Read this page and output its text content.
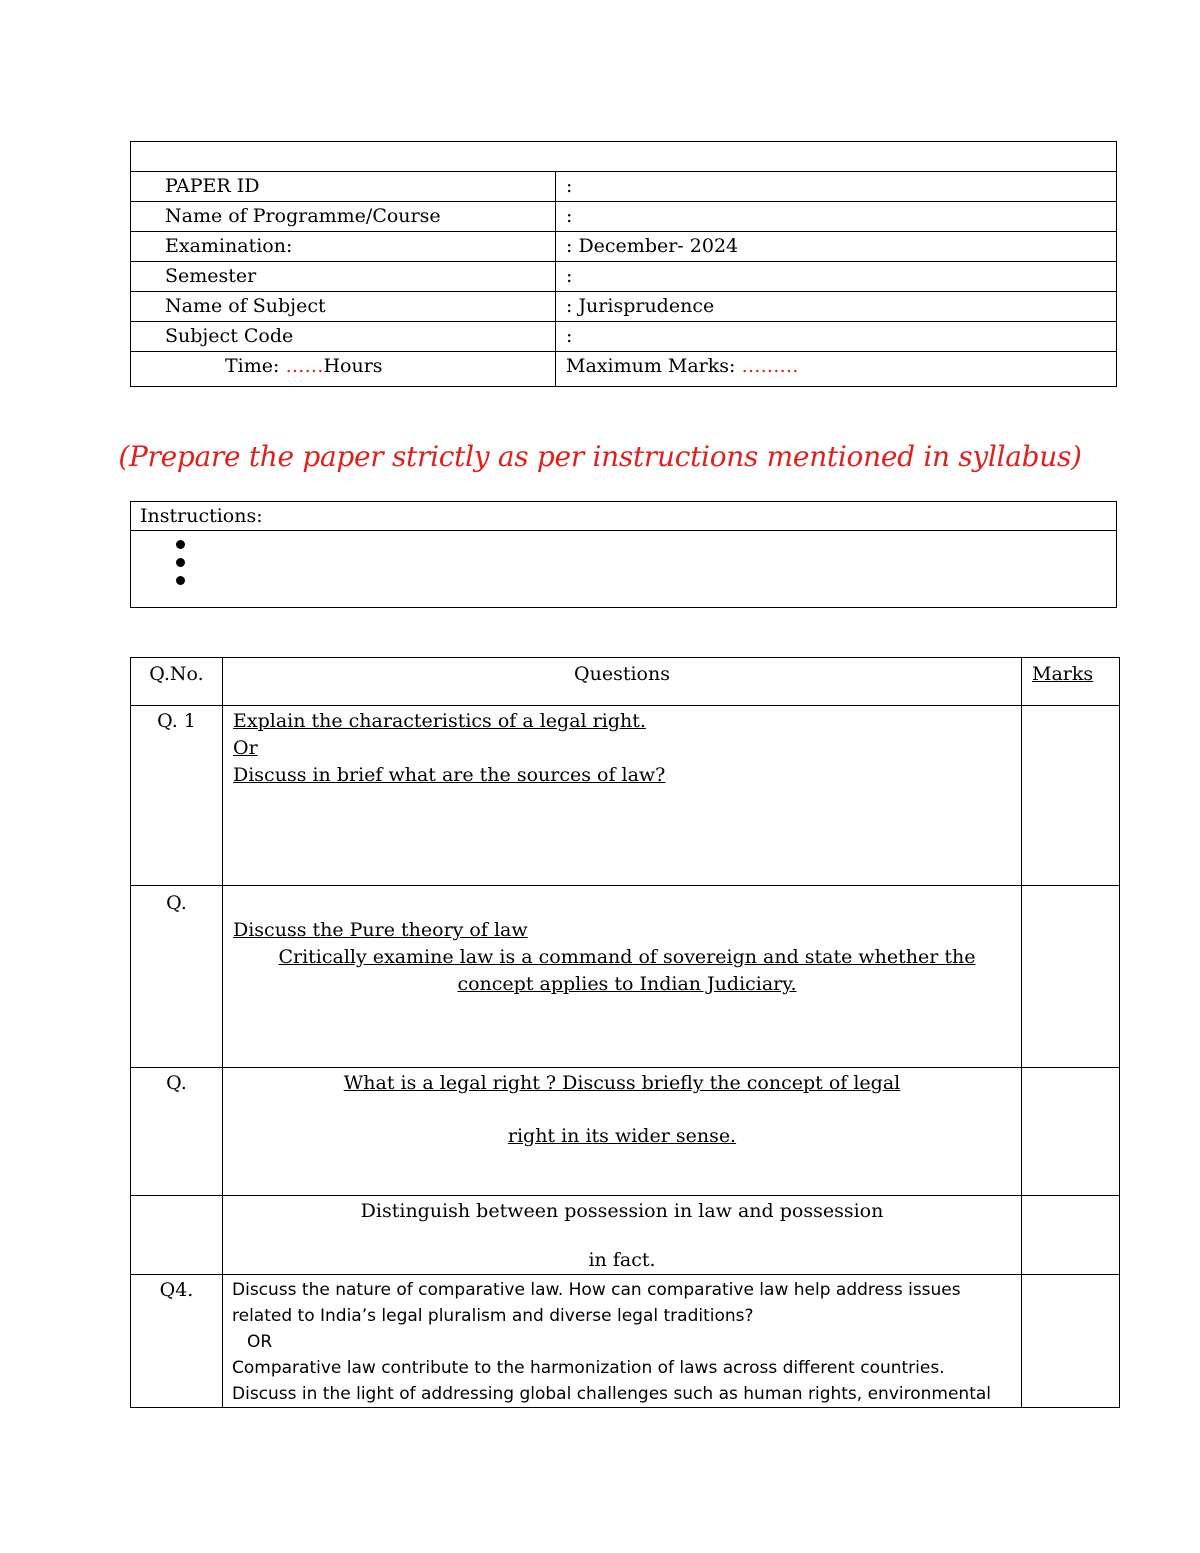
PAPER ID	:
Name of Programme/Course	:
Examination:	: December- 2024
Semester	:
Name of Subject	: Jurisprudence
Subject Code	:
Time: ……Hours	Maximum Marks: ………
(Prepare the paper strictly as per instructions mentioned in syllabus)
Instructions:

Q.No.	Questions	Marks
Q. 1	Explain the characteristics of a legal right.
Or
Discuss in brief what are the sources of law?	

Q.	Discuss the Pure theory of law
Critically examine law is a command of sovereign and state whether the
concept applies to Indian Judiciary.	

Q.	What is a legal right ? Discuss briefly the concept of legal
right in its wider sense.	

	Distinguish between possession in law and possession
in fact.	

Q4.	Discuss the nature of comparative law. How can comparative law help address issues
related to India’s legal pluralism and diverse legal traditions?
OR
Comparative law contribute to the harmonization of laws across different countries.
Discuss in the light of addressing global challenges such as human rights, environmental	
